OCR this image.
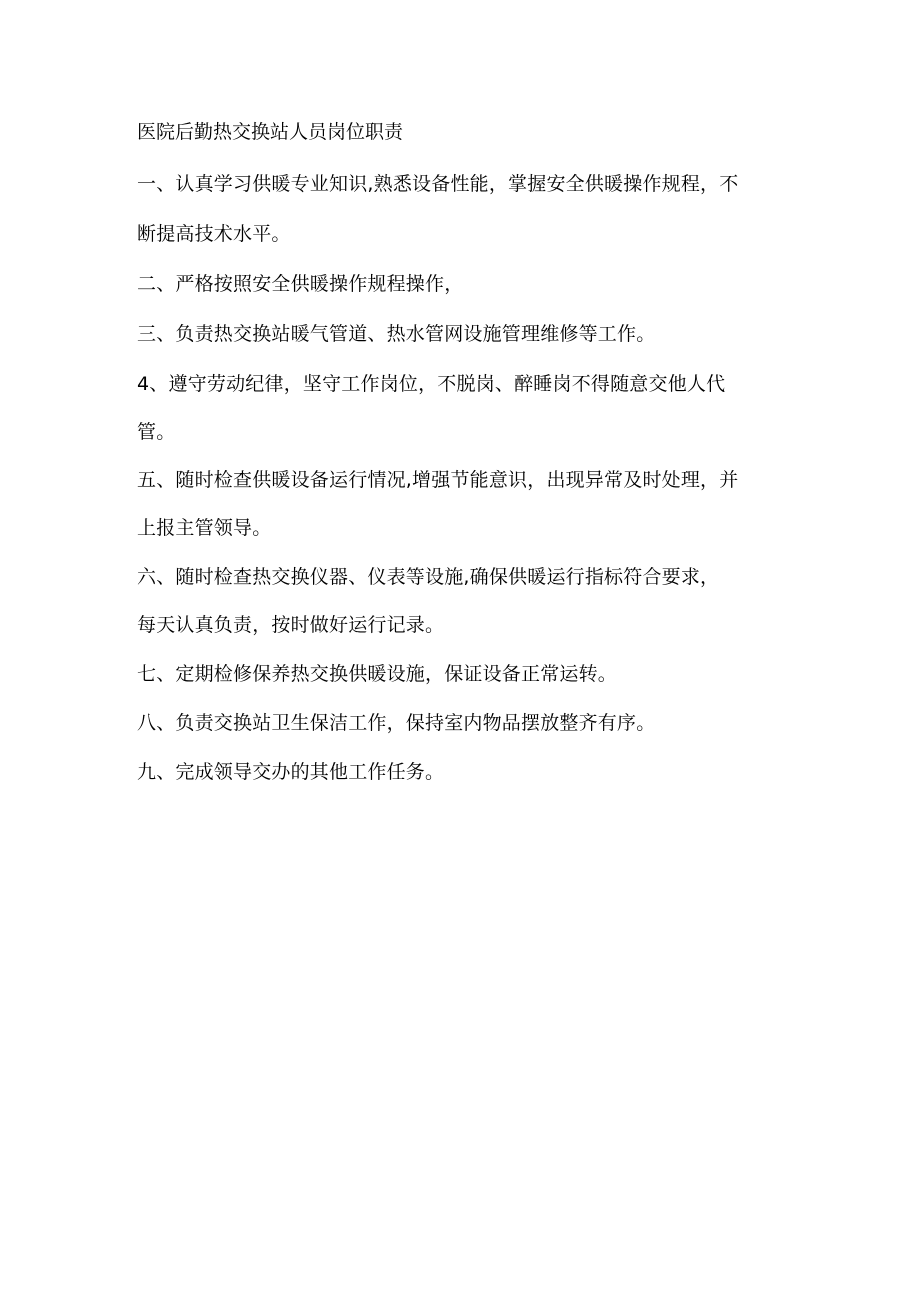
医院后勤热交换站人员岗位职责
一、认真学习供暖专业知识,熟悉设备性能，掌握安全供暖操作规程，不
断提高技术水平。
二、严格按照安全供暖操作规程操作，
三、负责热交换站暖气管道、热水管网设施管理维修等工作。
4、遵守劳动纪律，坚守工作岗位，不脱岗、醉睡岗不得随意交他人代
管。
五、随时检查供暖设备运行情况,增强节能意识，出现异常及时处理，并
上报主管领导。
六、随时检查热交换仪器、仪表等设施,确保供暖运行指标符合要求，
每天认真负责，按时做好运行记录。
七、定期检修保养热交换供暖设施，保证设备正常运转。
八、负责交换站卫生保洁工作，保持室内物品摆放整齐有序。
九、完成领导交办的其他工作任务。
